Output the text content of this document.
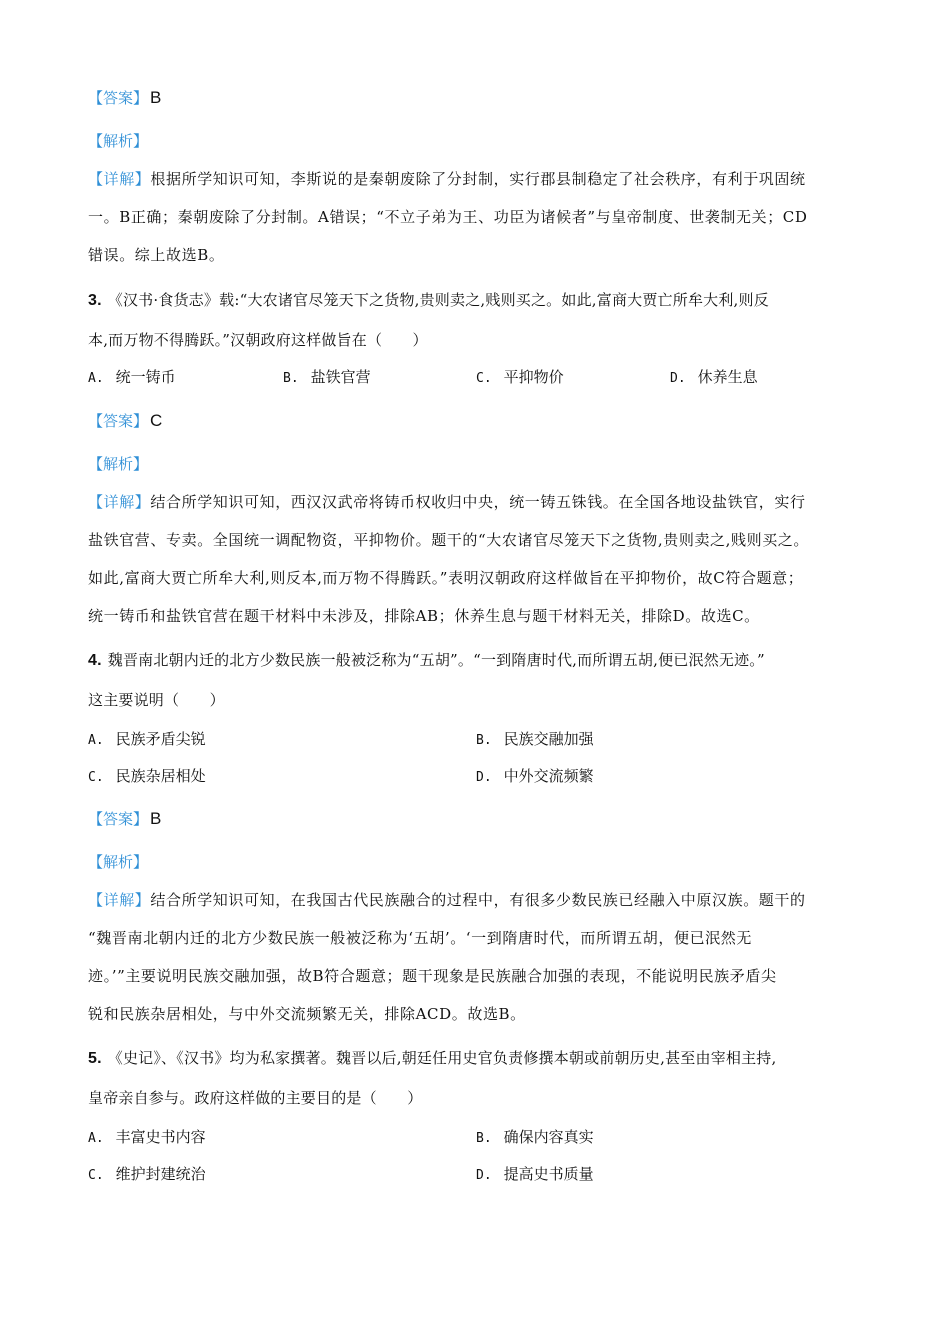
【答案】 B
【解析】
【详解】根据所学知识可知，李斯说的是秦朝废除了分封制，实行郡县制稳定了社会秩序，有利于巩固统
一。B正确；秦朝废除了分封制。A错误；“不立子弟为王、功臣为诸候者”与皇帝制度、世袭制无关；CD
错误。综上故选B。
3. 《汉书·食货志》载:“大农诸官尽笼天下之货物,贵则卖之,贱则买之。如此,富商大贾亡所牟大利,则反
本,而万物不得腾跃。”汉朝政府这样做旨在（　　）
A. 统一铸币	B. 盐铁官营	C. 平抑物价	D. 休养生息
【答案】 C
【解析】
【详解】结合所学知识可知，西汉汉武帝将铸币权收归中央，统一铸五铢钱。在全国各地设盐铁官，实行
盐铁官营、专卖。全国统一调配物资，平抑物价。题干的“大农诸官尽笼天下之货物,贵则卖之,贱则买之。
如此,富商大贾亡所牟大利,则反本,而万物不得腾跃。”表明汉朝政府这样做旨在平抑物价，故C符合题意；
统一铸币和盐铁官营在题干材料中未涉及，排除AB；休养生息与题干材料无关，排除D。故选C。
4. 魏晋南北朝内迁的北方少数民族一般被泛称为“五胡”。“一到隋唐时代,而所谓五胡,便已泯然无迹。”
这主要说明（　　）
A. 民族矛盾尖锐	B. 民族交融加强
C. 民族杂居相处	D. 中外交流频繁
【答案】 B
【解析】
【详解】结合所学知识可知，在我国古代民族融合的过程中，有很多少数民族已经融入中原汉族。题干的
“魏晋南北朝内迁的北方少数民族一般被泛称为‘五胡’。‘一到隋唐时代，而所谓五胡，便已泯然无
迹。’”主要说明民族交融加强，故B符合题意；题干现象是民族融合加强的表现，不能说明民族矛盾尖
锐和民族杂居相处，与中外交流频繁无关，排除ACD。故选B。
5. 《史记》、《汉书》均为私家撰著。魏晋以后,朝廷任用史官负责修撰本朝或前朝历史,甚至由宰相主持,
皇帝亲自参与。政府这样做的主要目的是（　　）
A. 丰富史书内容	B. 确保内容真实
C. 维护封建统治	D. 提高史书质量
